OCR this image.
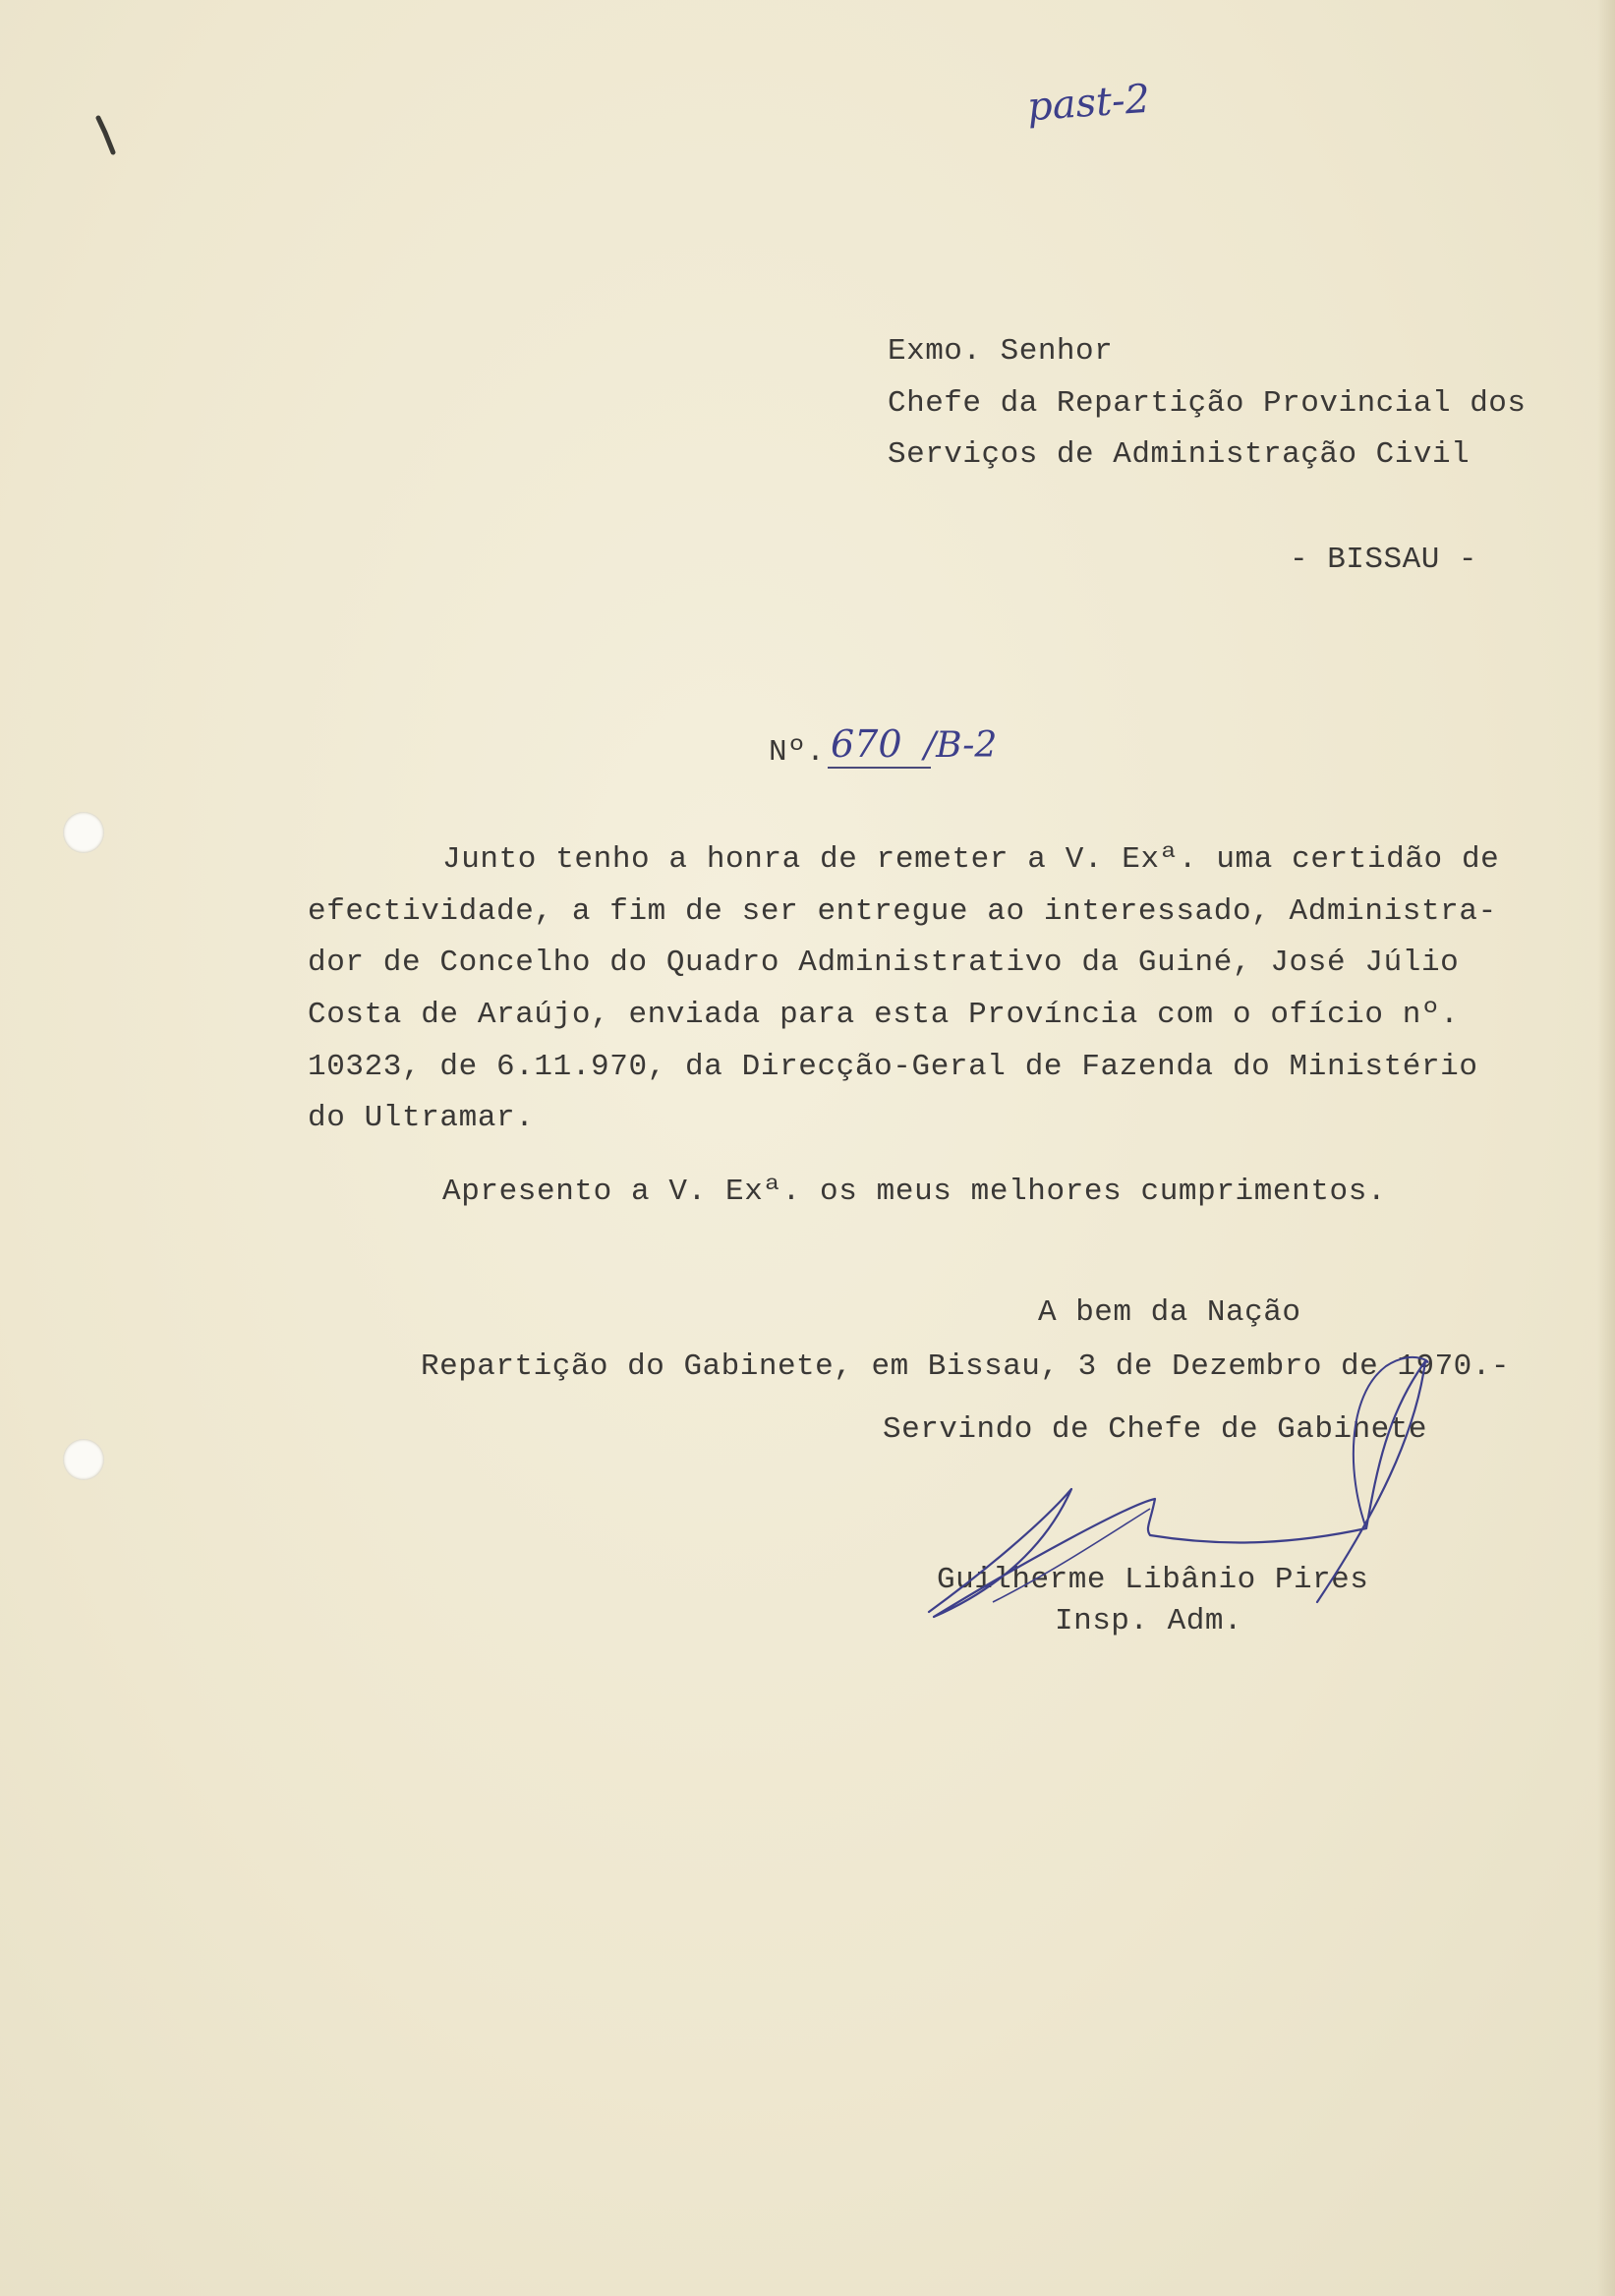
past-2
Exmo. Senhor
Chefe da Repartição Provincial dos
Serviços de Administração Civil
- BISSAU -
Nº. 670 /B-2
Junto tenho a honra de remeter a V. Exª. uma certidão de
efectividade, a fim de ser entregue ao interessado, Administra-
dor de Concelho do Quadro Administrativo da Guiné, José Júlio
Costa de Araújo, enviada para esta Província com o ofício nº.
10323, de 6.11.970, da Direcção-Geral de Fazenda do Ministério
do Ultramar.
Apresento a V. Exª. os meus melhores cumprimentos.
A bem da Nação
Repartição do Gabinete, em Bissau, 3 de Dezembro de 1970.-
Servindo de Chefe de Gabinete
Guilherme Libânio Pires
Insp. Adm.
